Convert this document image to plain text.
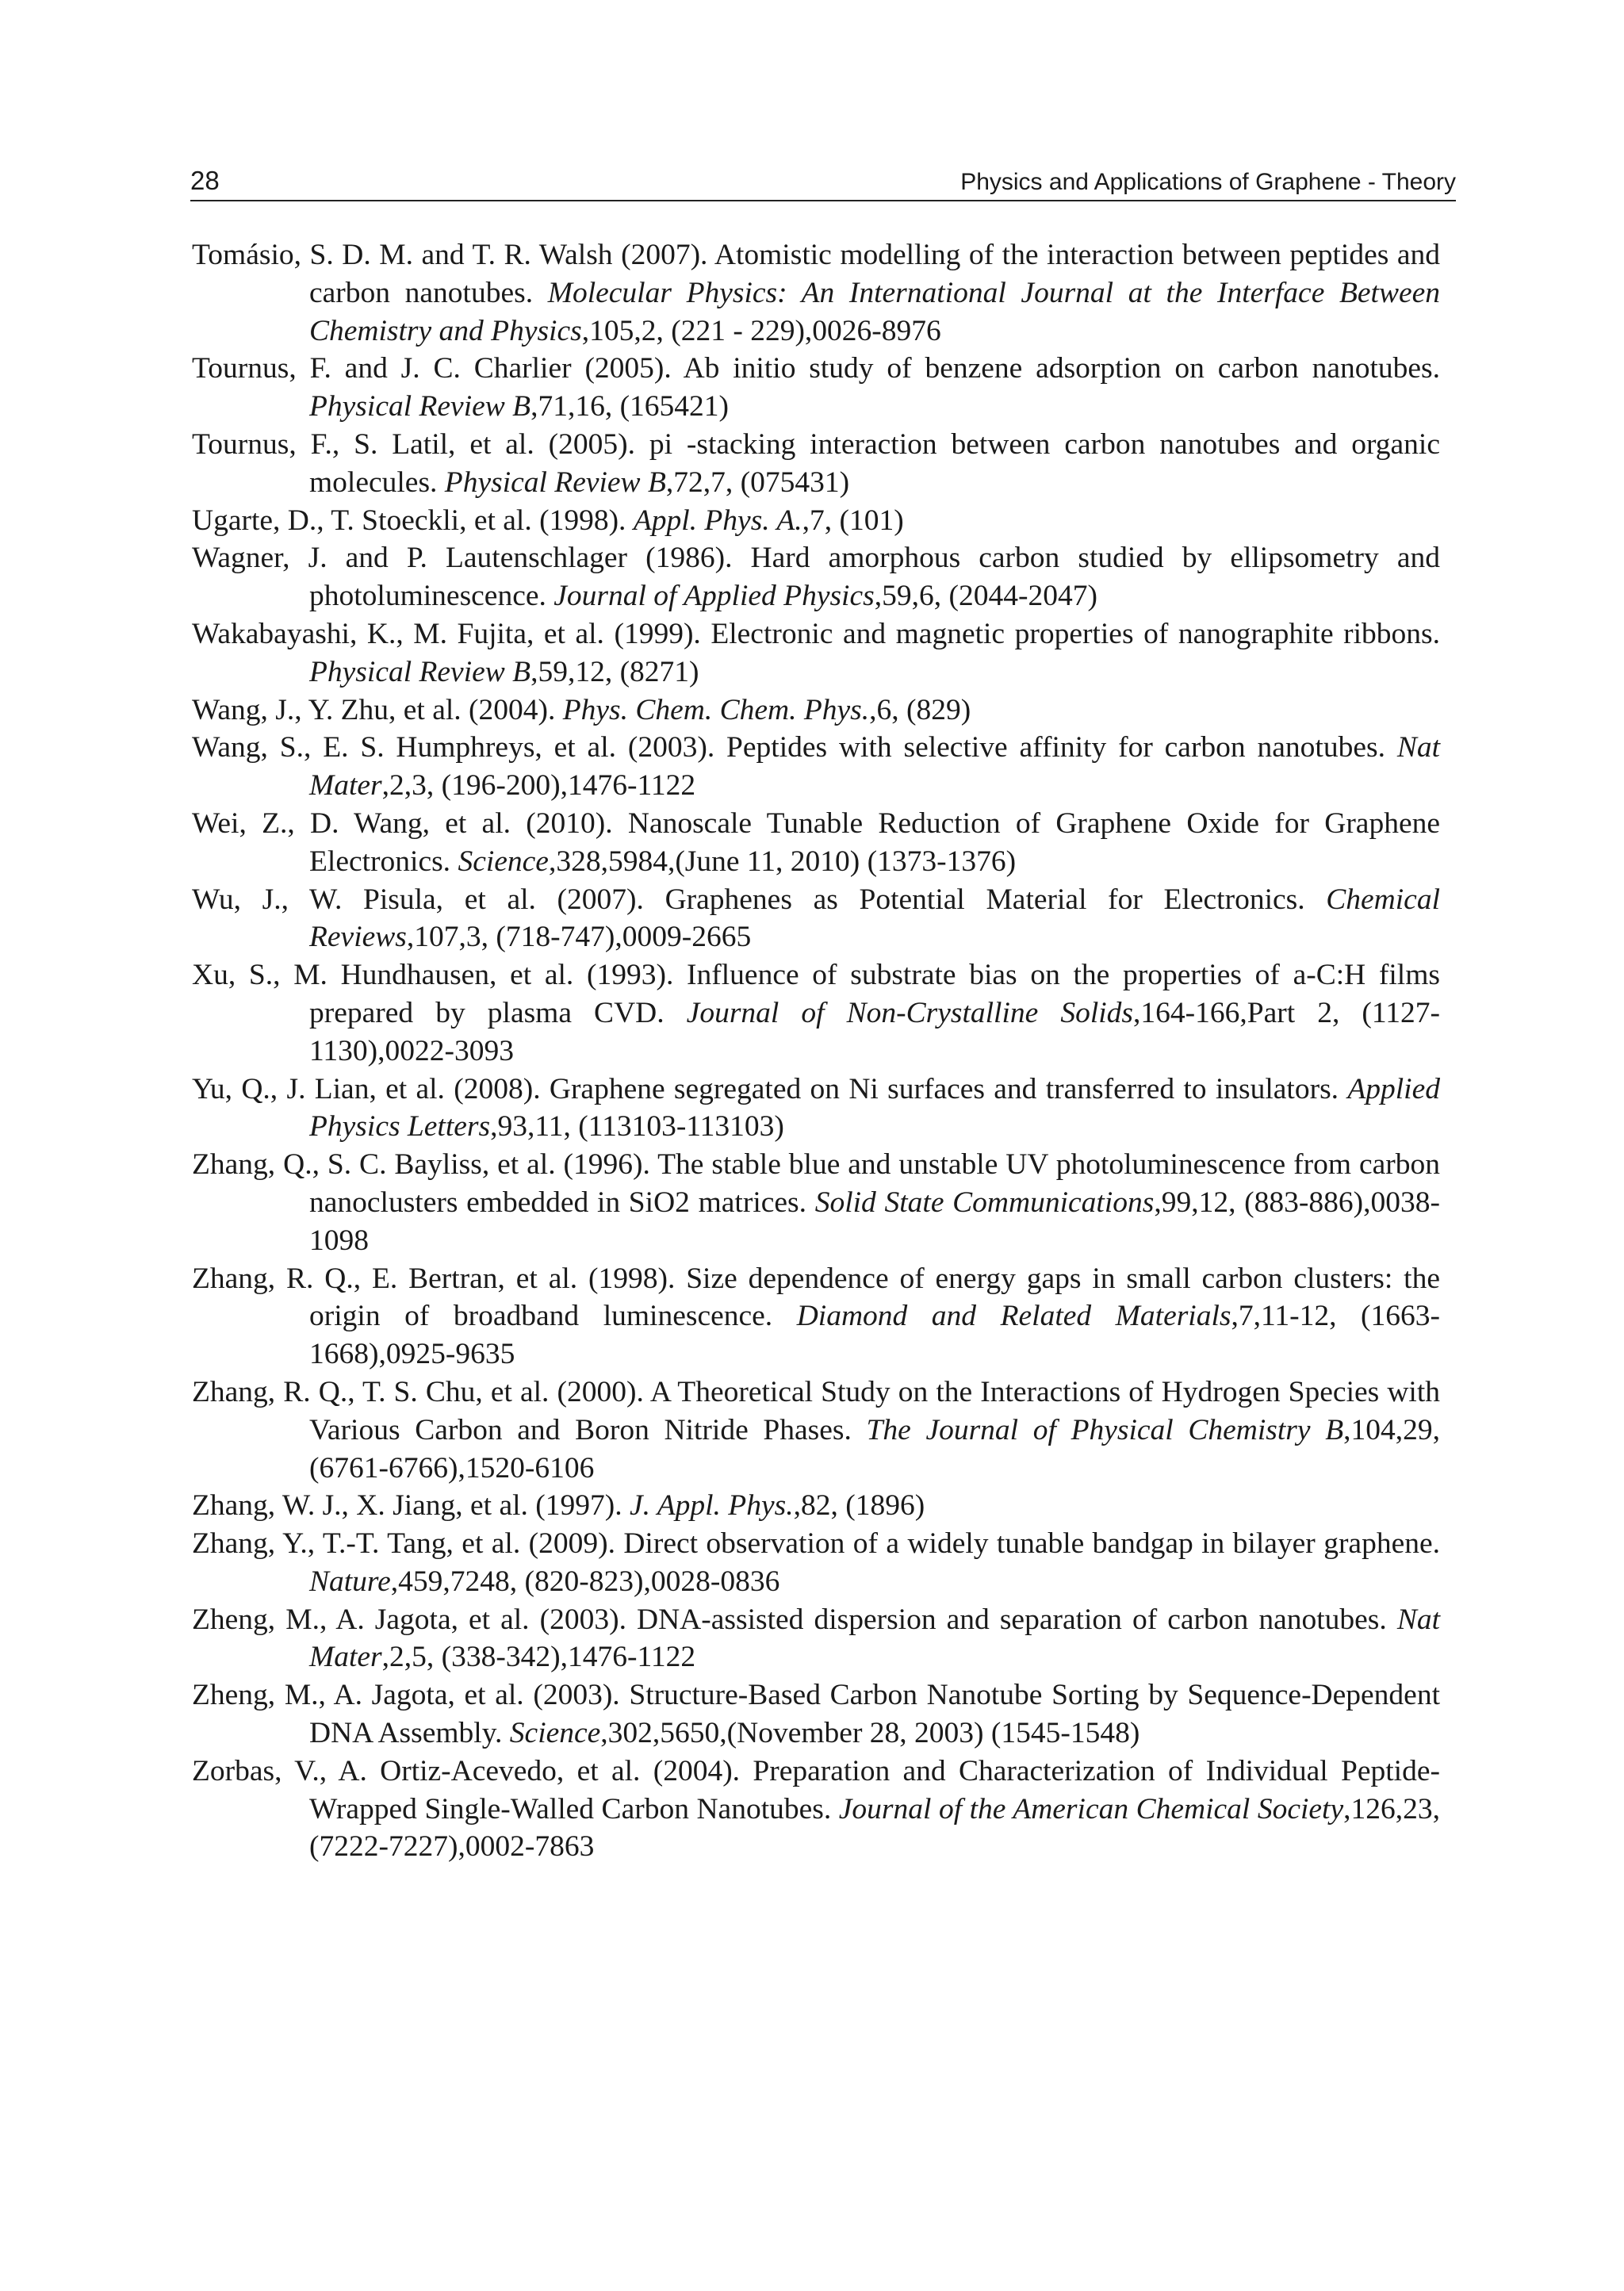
28	Physics and Applications of Graphene - Theory

Tomásio, S. D. M. and T. R. Walsh (2007). Atomistic modelling of the interaction between peptides and carbon nanotubes. Molecular Physics: An International Journal at the Interface Between Chemistry and Physics,105,2, (221 - 229),0026-8976

Tournus, F. and J. C. Charlier (2005). Ab initio study of benzene adsorption on carbon nanotubes. Physical Review B,71,16, (165421)

Tournus, F., S. Latil, et al. (2005). pi -stacking interaction between carbon nanotubes and organic molecules. Physical Review B,72,7, (075431)

Ugarte, D., T. Stoeckli, et al. (1998). Appl. Phys. A.,7, (101)

Wagner, J. and P. Lautenschlager (1986). Hard amorphous carbon studied by ellipsometry and photoluminescence. Journal of Applied Physics,59,6, (2044-2047)

Wakabayashi, K., M. Fujita, et al. (1999). Electronic and magnetic properties of nanographite ribbons. Physical Review B,59,12, (8271)

Wang, J., Y. Zhu, et al. (2004). Phys. Chem. Chem. Phys.,6, (829)

Wang, S., E. S. Humphreys, et al. (2003). Peptides with selective affinity for carbon nanotubes. Nat Mater,2,3, (196-200),1476-1122

Wei, Z., D. Wang, et al. (2010). Nanoscale Tunable Reduction of Graphene Oxide for Graphene Electronics. Science,328,5984,(June 11, 2010) (1373-1376)

Wu, J., W. Pisula, et al. (2007). Graphenes as Potential Material for Electronics. Chemical Reviews,107,3, (718-747),0009-2665

Xu, S., M. Hundhausen, et al. (1993). Influence of substrate bias on the properties of a-C:H films prepared by plasma CVD. Journal of Non-Crystalline Solids,164-166,Part 2, (1127-1130),0022-3093

Yu, Q., J. Lian, et al. (2008). Graphene segregated on Ni surfaces and transferred to insulators. Applied Physics Letters,93,11, (113103-113103)

Zhang, Q., S. C. Bayliss, et al. (1996). The stable blue and unstable UV photoluminescence from carbon nanoclusters embedded in SiO2 matrices. Solid State Communications,99,12, (883-886),0038-1098

Zhang, R. Q., E. Bertran, et al. (1998). Size dependence of energy gaps in small carbon clusters: the origin of broadband luminescence. Diamond and Related Materials,7,11-12, (1663-1668),0925-9635

Zhang, R. Q., T. S. Chu, et al. (2000). A Theoretical Study on the Interactions of Hydrogen Species with Various Carbon and Boron Nitride Phases. The Journal of Physical Chemistry B,104,29, (6761-6766),1520-6106

Zhang, W. J., X. Jiang, et al. (1997). J. Appl. Phys.,82, (1896)

Zhang, Y., T.-T. Tang, et al. (2009). Direct observation of a widely tunable bandgap in bilayer graphene. Nature,459,7248, (820-823),0028-0836

Zheng, M., A. Jagota, et al. (2003). DNA-assisted dispersion and separation of carbon nanotubes. Nat Mater,2,5, (338-342),1476-1122

Zheng, M., A. Jagota, et al. (2003). Structure-Based Carbon Nanotube Sorting by Sequence-Dependent DNA Assembly. Science,302,5650,(November 28, 2003) (1545-1548)

Zorbas, V., A. Ortiz-Acevedo, et al. (2004). Preparation and Characterization of Individual Peptide-Wrapped Single-Walled Carbon Nanotubes. Journal of the American Chemical Society,126,23, (7222-7227),0002-7863
